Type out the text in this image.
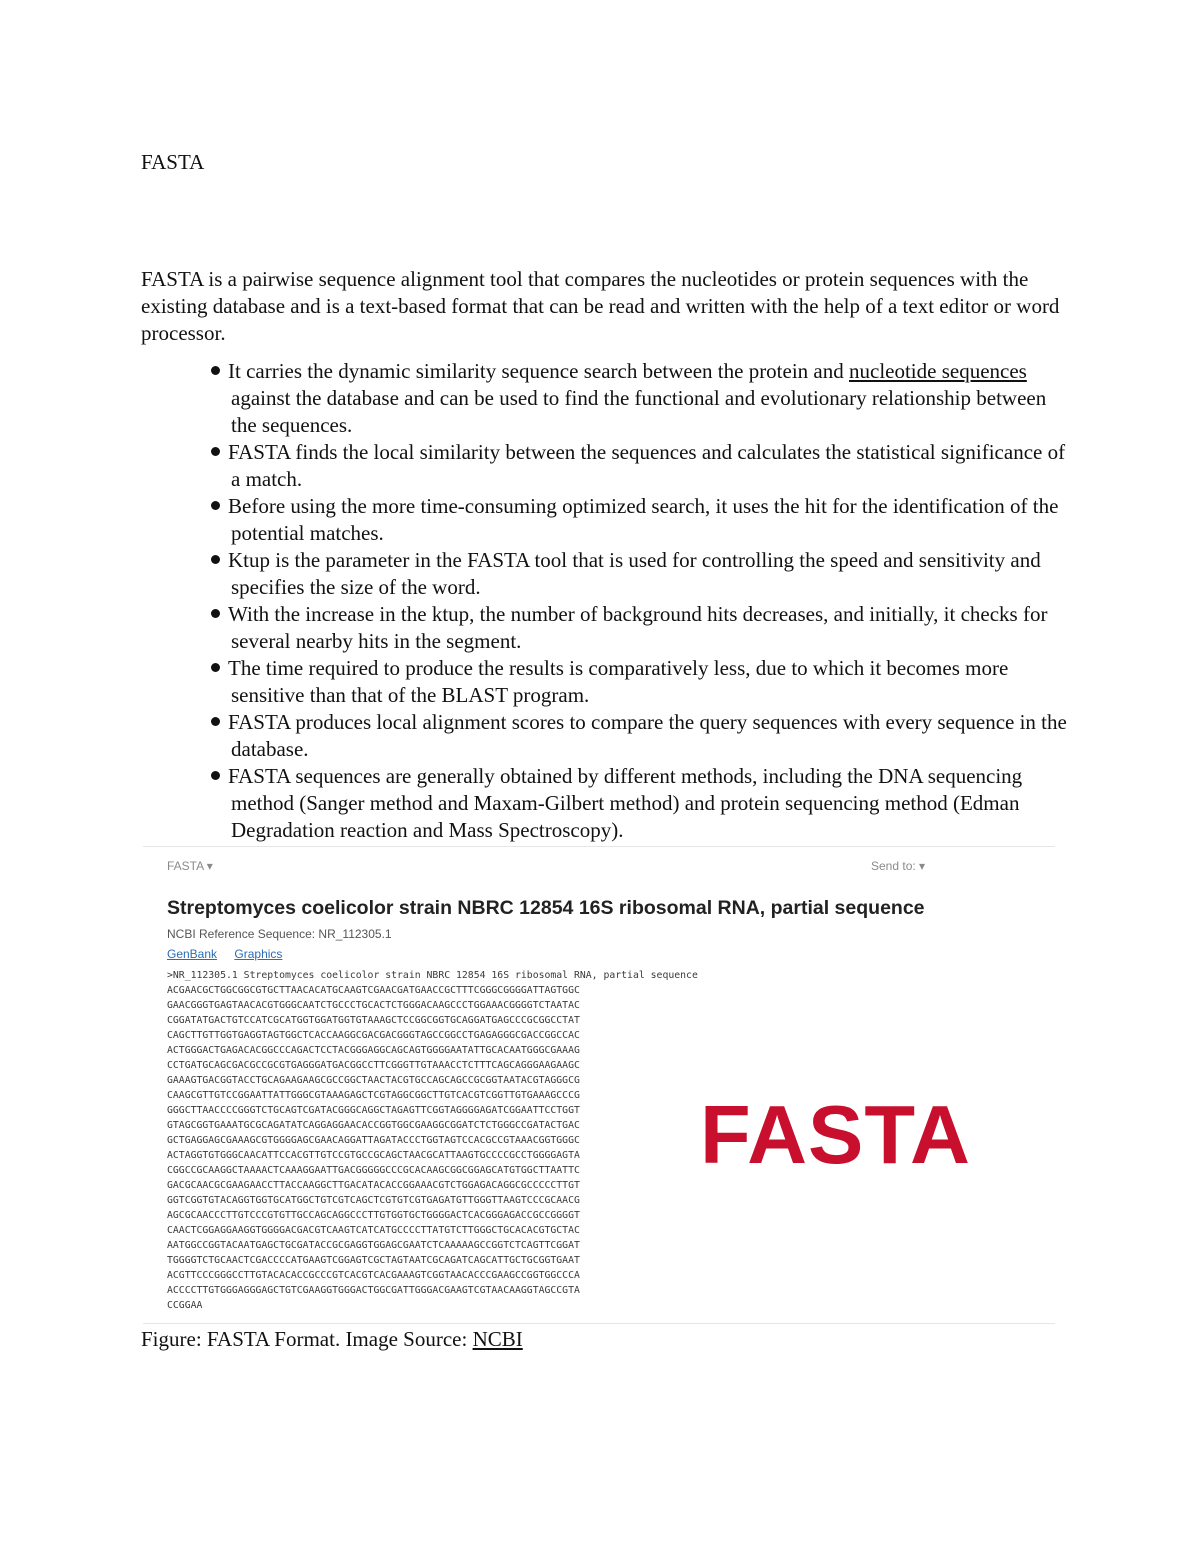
FASTA
FASTA is a pairwise sequence alignment tool that compares the nucleotides or protein sequences with the existing database and is a text-based format that can be read and written with the help of a text editor or word processor.
It carries the dynamic similarity sequence search between the protein and nucleotide sequences against the database and can be used to find the functional and evolutionary relationship between the sequences.
FASTA finds the local similarity between the sequences and calculates the statistical significance of a match.
Before using the more time-consuming optimized search, it uses the hit for the identification of the potential matches.
Ktup is the parameter in the FASTA tool that is used for controlling the speed and sensitivity and specifies the size of the word.
With the increase in the ktup, the number of background hits decreases, and initially, it checks for several nearby hits in the segment.
The time required to produce the results is comparatively less, due to which it becomes more sensitive than that of the BLAST program.
FASTA produces local alignment scores to compare the query sequences with every sequence in the database.
FASTA sequences are generally obtained by different methods, including the DNA sequencing method (Sanger method and Maxam-Gilbert method) and protein sequencing method (Edman Degradation reaction and Mass Spectroscopy).
FASTA ▾	Send to: ▾
Streptomyces coelicolor strain NBRC 12854 16S ribosomal RNA, partial sequence
NCBI Reference Sequence: NR_112305.1
GenBank Graphics
>NR_112305.1 Streptomyces coelicolor strain NBRC 12854 16S ribosomal RNA, partial sequence
ACGAACGCTGGCGGCGTGCTTAACACATGCAAGTCGAACGATGAACCGCTTTCGGGCGGGGATTAGTGGC
GAACGGGTGAGTAACACGTGGGCAATCTGCCCTGCACTCTGGGACAAGCCCTGGAAACGGGGTCTAATAC
CGGATATGACTGTCCATCGCATGGTGGATGGTGTAAAGCTCCGGCGGTGCAGGATGAGCCCGCGGCCTAT
CAGCTTGTTGGTGAGGTAGTGGCTCACCAAGGCGACGACGGGTAGCCGGCCTGAGAGGGCGACCGGCCAC
ACTGGGACTGAGACACGGCCCAGACTCCTACGGGAGGCAGCAGTGGGGAATATTGCACAATGGGCGAAAG
CCTGATGCAGCGACGCCGCGTGAGGGATGACGGCCTTCGGGTTGTAAACCTCTTTCAGCAGGGAAGAAGC
GAAAGTGACGGTACCTGCAGAAGAAGCGCCGGCTAACTACGTGCCAGCAGCCGCGGTAATACGTAGGGCG
CAAGCGTTGTCCGGAATTATTGGGCGTAAAGAGCTCGTAGGCGGCTTGTCACGTCGGTTGTGAAAGCCCG
GGGCTTAACCCCGGGTCTGCAGTCGATACGGGCAGGCTAGAGTTCGGTAGGGGAGATCGGAATTCCTGGT
GTAGCGGTGAAATGCGCAGATATCAGGAGGAACACCGGTGGCGAAGGCGGATCTCTGGGCCGATACTGAC
GCTGAGGAGCGAAAGCGTGGGGAGCGAACAGGATTAGATACCCTGGTAGTCCACGCCGTAAACGGTGGGC
ACTAGGTGTGGGCAACATTCCACGTTGTCCGTGCCGCAGCTAACGCATTAAGTGCCCCGCCTGGGGAGTA
CGGCCGCAAGGCTAAAACTCAAAGGAATTGACGGGGGCCCGCACAAGCGGCGGAGCATGTGGCTTAATTC
GACGCAACGCGAAGAACCTTACCAAGGCTTGACATACACCGGAAACGTCTGGAGACAGGCGCCCCCTTGT
GGTCGGTGTACAGGTGGTGCATGGCTGTCGTCAGCTCGTGTCGTGAGATGTTGGGTTAAGTCCCGCAACG
AGCGCAACCCTTGTCCCGTGTTGCCAGCAGGCCCTTGTGGTGCTGGGGACTCACGGGAGACCGCCGGGGT
CAACTCGGAGGAAGGTGGGGACGACGTCAAGTCATCATGCCCCTTATGTCTTGGGCTGCACACGTGCTAC
AATGGCCGGTACAATGAGCTGCGATACCGCGAGGTGGAGCGAATCTCAAAAAGCCGGTCTCAGTTCGGAT
TGGGGTCTGCAACTCGACCCCATGAAGTCGGAGTCGCTAGTAATCGCAGATCAGCATTGCTGCGGTGAAT
ACGTTCCCGGGCCTTGTACACACCGCCCGTCACGTCACGAAAGTCGGTAACACCCGAAGCCGGTGGCCCA
ACCCCTTGTGGGAGGGAGCTGTCGAAGGTGGGACTGGCGATTGGGACGAAGTCGTAACAAGGTAGCCGTA
CCGGAA
FASTA
Figure: FASTA Format. Image Source: NCBI
